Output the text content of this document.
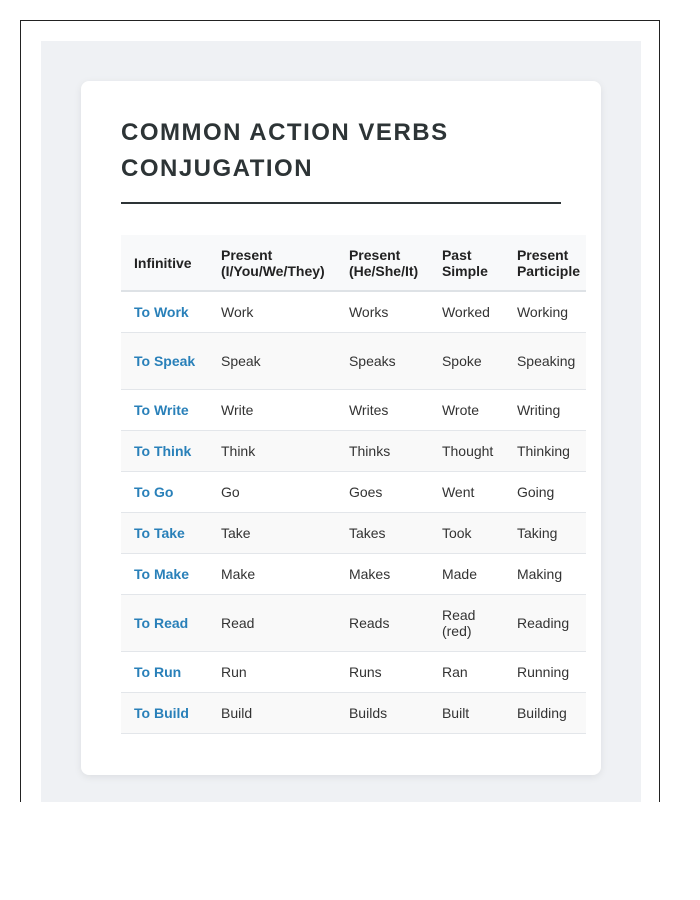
COMMON ACTION VERBS CONJUGATION
Infinitive	Present (I/You/We/They)	Present (He/She/It)	Past Simple	Present Participle
To Work	Work	Works	Worked	Working
To Speak	Speak	Speaks	Spoke	Speaking
To Write	Write	Writes	Wrote	Writing
To Think	Think	Thinks	Thought	Thinking
To Go	Go	Goes	Went	Going
To Take	Take	Takes	Took	Taking
To Make	Make	Makes	Made	Making
To Read	Read	Reads	Read (red)	Reading
To Run	Run	Runs	Ran	Running
To Build	Build	Builds	Built	Building
